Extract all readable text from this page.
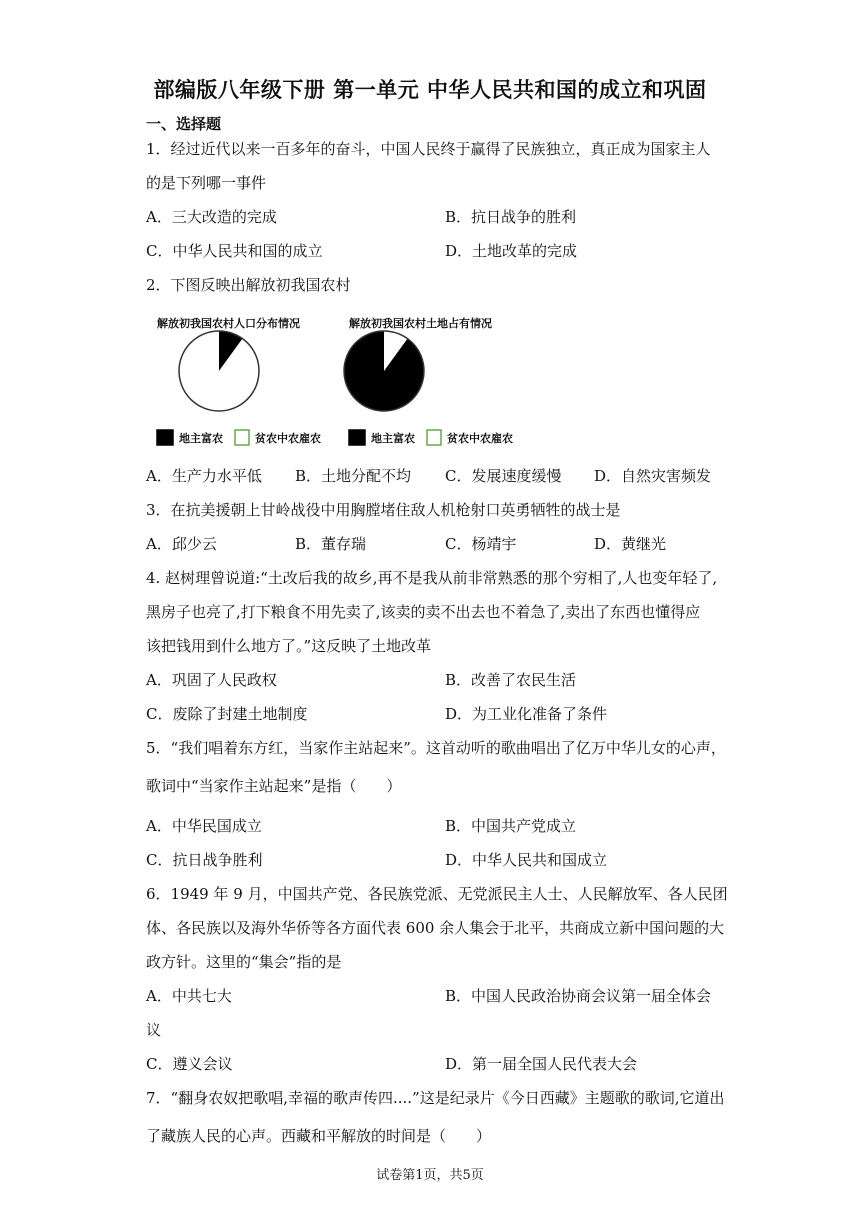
部编版八年级下册 第一单元 中华人民共和国的成立和巩固
一、选择题
1．经过近代以来一百多年的奋斗，中国人民终于赢得了民族独立，真正成为国家主人
的是下列哪一事件
A．三大改造的完成	B．抗日战争的胜利
C．中华人民共和国的成立	D．土地改革的完成
2．下图反映出解放初我国农村
解放初我国农村人口分布情况
地主富农	贫农中农雇农
解放初我国农村土地占有情况
地主富农	贫农中农雇农
A．生产力水平低 B．土地分配不均 C．发展速度缓慢 D．自然灾害频发
3．在抗美援朝上甘岭战役中用胸膛堵住敌人机枪射口英勇牺牲的战士是
A．邱少云	B．董存瑞	C．杨靖宇	D．黄继光
4. 赵树理曾说道:“土改后我的故乡,再不是我从前非常熟悉的那个穷相了,人也变年轻了,
黑房子也亮了,打下粮食不用先卖了,该卖的卖不出去也不着急了,卖出了东西也懂得应
该把钱用到什么地方了。”这反映了土地改革
A．巩固了人民政权	B．改善了农民生活
C．废除了封建土地制度	D．为工业化准备了条件
5．“我们唱着东方红，当家作主站起来”。这首动听的歌曲唱出了亿万中华儿女的心声，
歌词中“当家作主站起来”是指（　　）
A．中华民国成立	B．中国共产党成立
C．抗日战争胜利	D．中华人民共和国成立
6．1949 年 9 月，中国共产党、各民族党派、无党派民主人士、人民解放军、各人民团
体、各民族以及海外华侨等各方面代表 600 余人集会于北平，共商成立新中国问题的大
政方针。这里的“集会”指的是
A．中共七大	B．中国人民政治协商会议第一届全体会
议
C．遵义会议	D．第一届全国人民代表大会
7．“翻身农奴把歌唱,幸福的歌声传四....”这是纪录片《今日西藏》主题歌的歌词,它道出
了藏族人民的心声。西藏和平解放的时间是（　　）
试卷第1页，共5页
